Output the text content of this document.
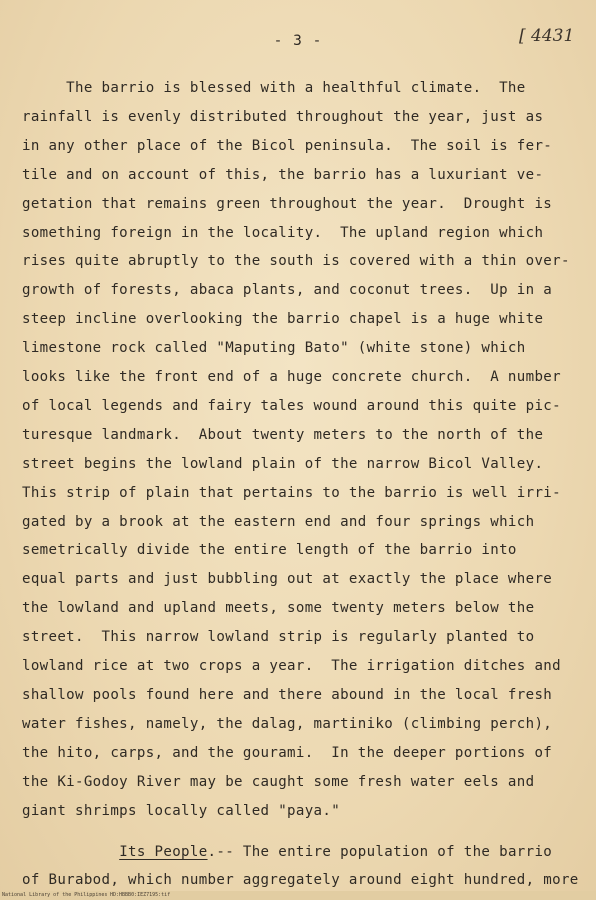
- 3 -	[ 4431
The barrio is blessed with a healthful climate.  The
rainfall is evenly distributed throughout the year, just as
in any other place of the Bicol peninsula.  The soil is fer-
tile and on account of this, the barrio has a luxuriant ve-
getation that remains green throughout the year.  Drought is
something foreign in the locality.  The upland region which
rises quite abruptly to the south is covered with a thin over-
growth of forests, abaca plants, and coconut trees.  Up in a
steep incline overlooking the barrio chapel is a huge white
limestone rock called "Maputing Bato" (white stone) which
looks like the front end of a huge concrete church.  A number
of local legends and fairy tales wound around this quite pic-
turesque landmark.  About twenty meters to the north of the
street begins the lowland plain of the narrow Bicol Valley.
This strip of plain that pertains to the barrio is well irri-
gated by a brook at the eastern end and four springs which
semetrically divide the entire length of the barrio into
equal parts and just bubbling out at exactly the place where
the lowland and upland meets, some twenty meters below the
street.  This narrow lowland strip is regularly planted to
lowland rice at two crops a year.  The irrigation ditches and
shallow pools found here and there abound in the local fresh
water fishes, namely, the dalag, martiniko (climbing perch),
the hito, carps, and the gourami.  In the deeper portions of
the Ki-Godoy River may be caught some fresh water eels and
giant shrimps locally called "paya."
Its People.-- The entire population of the barrio
of Burabod, which number aggregately around eight hundred, more
National Library of the Philippines HD:HBBB0:IEZ7195:tif
